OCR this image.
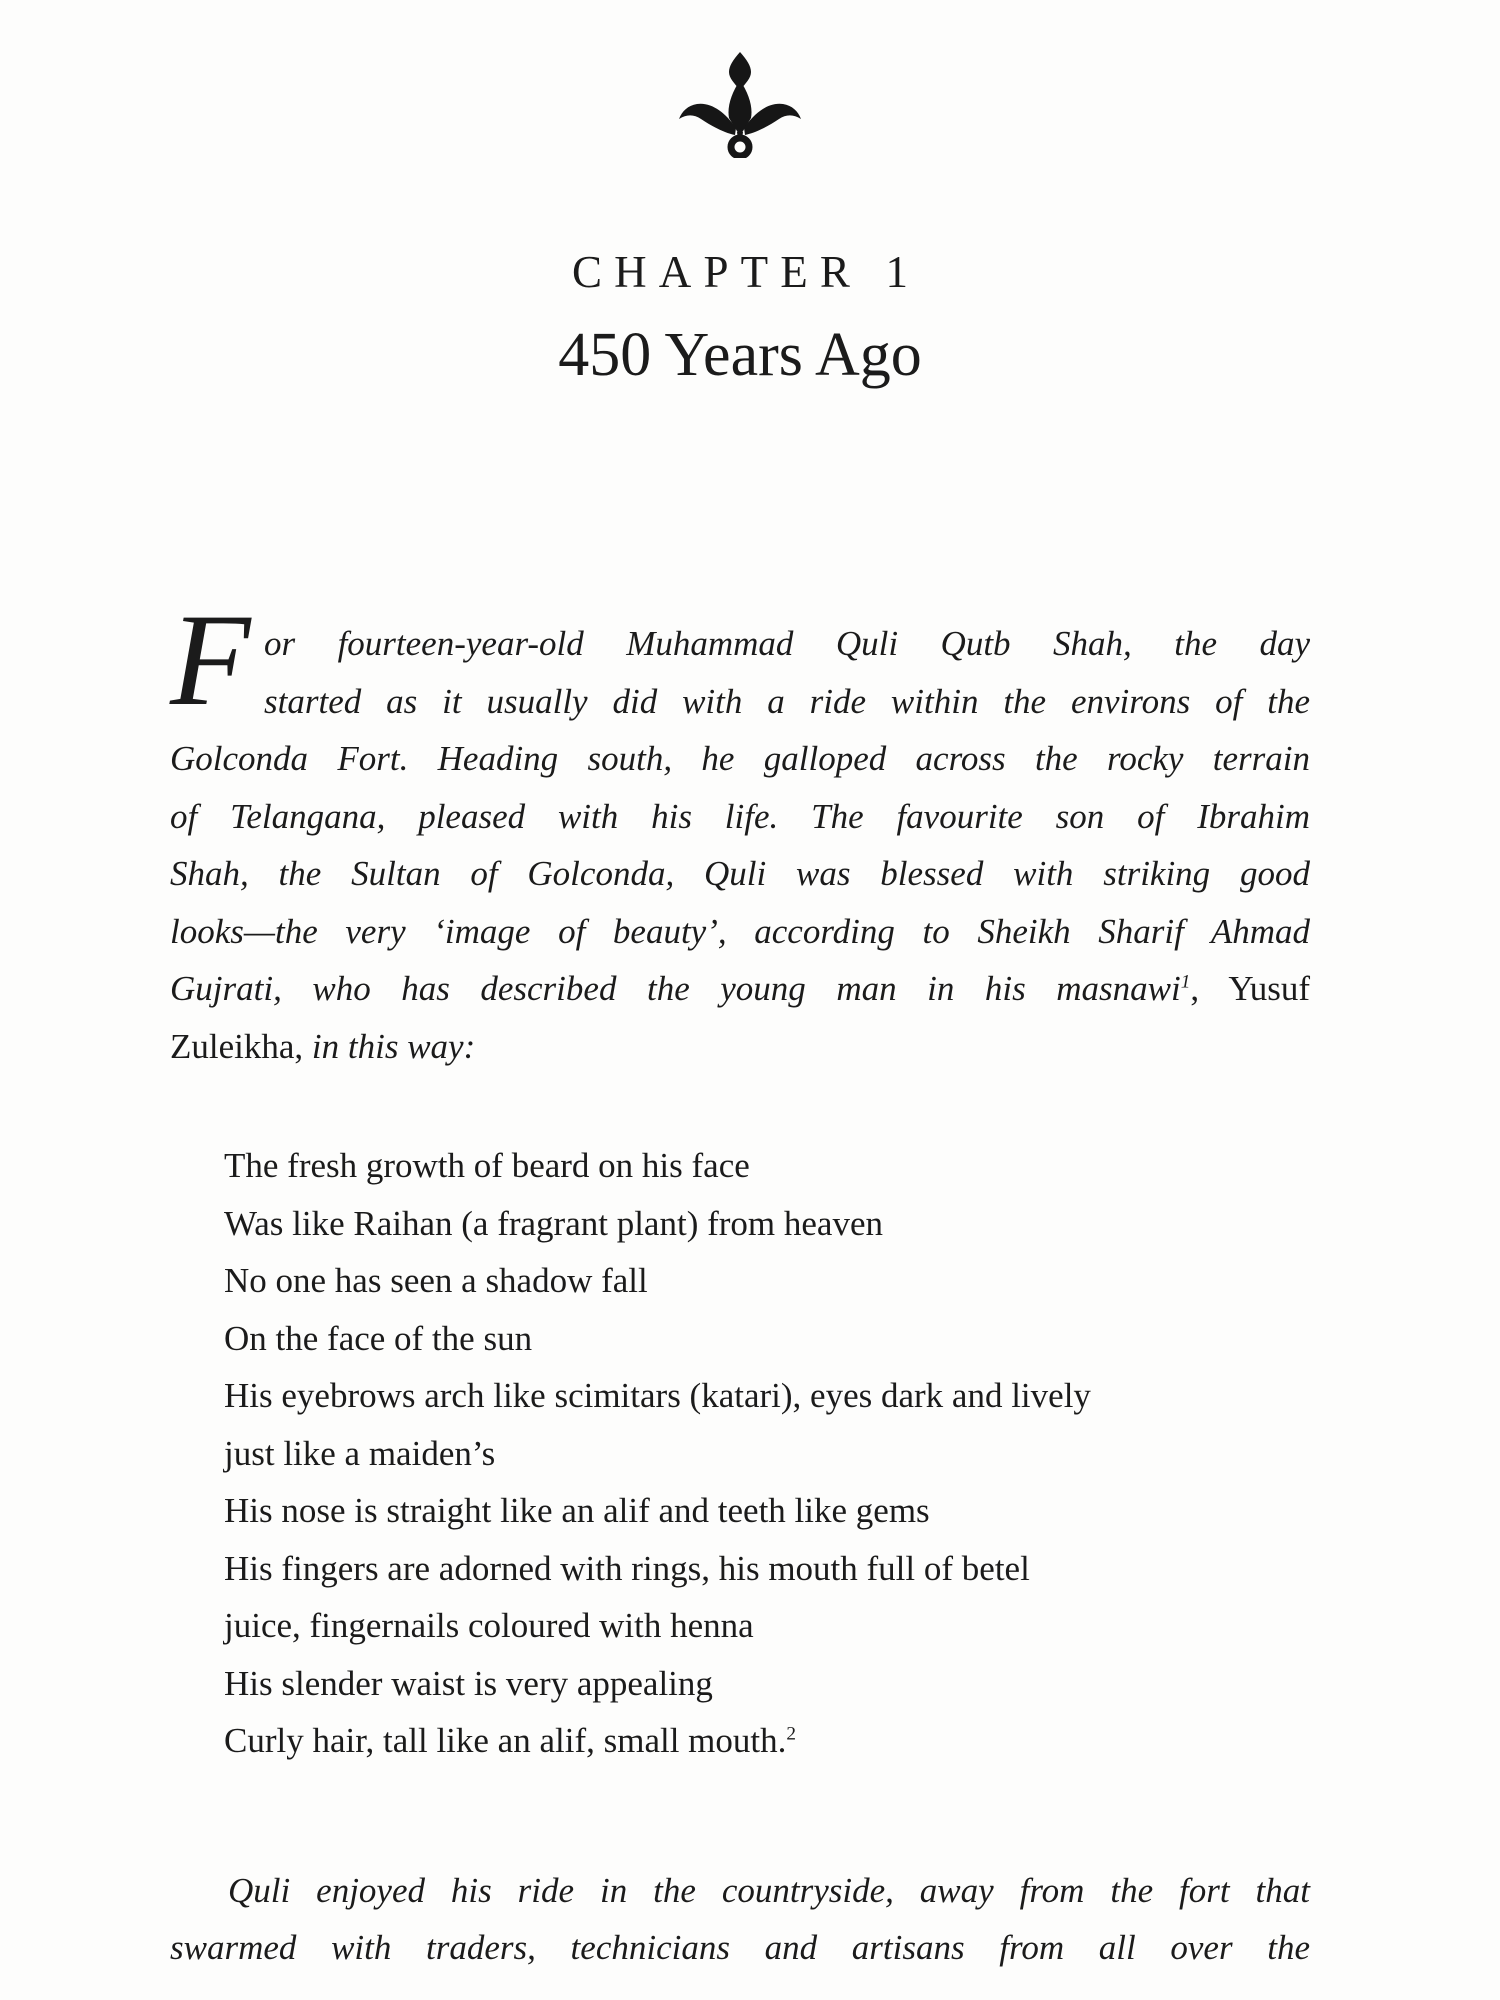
CHAPTER 1
450 Years Ago
F or fourteen-year-old Muhammad Quli Qutb Shah, the day
started as it usually did with a ride within the environs of the
Golconda Fort. Heading south, he galloped across the rocky terrain
of Telangana, pleased with his life. The favourite son of Ibrahim
Shah, the Sultan of Golconda, Quli was blessed with striking good
looks—the very ‘image of beauty’, according to Sheikh Sharif Ahmad
Gujrati, who has described the young man in his masnawi$^1$, Yusuf
Zuleikha, in this way:
The fresh growth of beard on his face
Was like Raihan (a fragrant plant) from heaven
No one has seen a shadow fall
On the face of the sun
His eyebrows arch like scimitars (katari), eyes dark and lively
just like a maiden’s
His nose is straight like an alif and teeth like gems
His fingers are adorned with rings, his mouth full of betel
juice, fingernails coloured with henna
His slender waist is very appealing
Curly hair, tall like an alif, small mouth.$^2$
Quli enjoyed his ride in the countryside, away from the fort that
swarmed with traders, technicians and artisans from all over the
